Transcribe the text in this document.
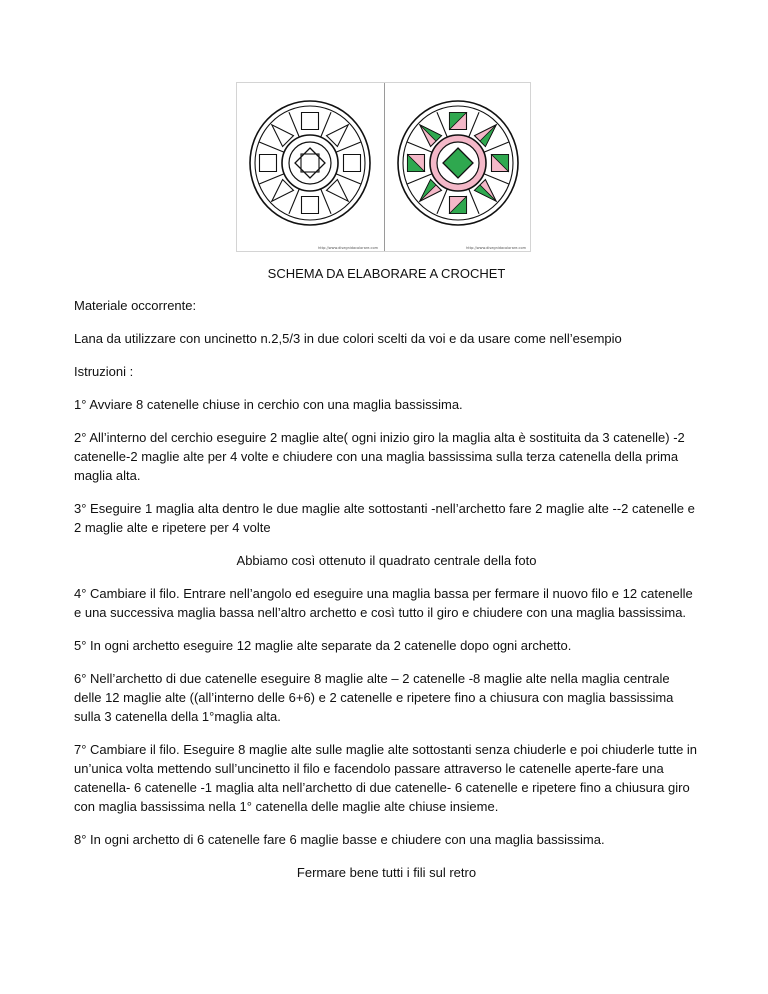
http://www.disegnidacolorare.com	http://www.disegnidacolorare.com

SCHEMA DA ELABORARE A CROCHET

Materiale occorrente:

Lana da utilizzare con uncinetto n.2,5/3 in due colori scelti da voi e da usare come nell’esempio

Istruzioni :

1° Avviare 8 catenelle chiuse in cerchio con una maglia bassissima.

2° All’interno del cerchio eseguire 2 maglie alte( ogni inizio giro la maglia alta è sostituita da 3 catenelle) -2 catenelle-2 maglie alte per 4 volte e chiudere con una maglia bassissima sulla terza catenella della prima maglia alta.

3° Eseguire 1 maglia alta dentro le due maglie alte sottostanti -nell’archetto fare 2 maglie alte --2 catenelle e 2 maglie alte e ripetere per 4 volte

Abbiamo così ottenuto il quadrato centrale della foto

4° Cambiare il filo. Entrare nell’angolo ed eseguire una maglia bassa per fermare il nuovo filo e 12 catenelle e una successiva maglia bassa nell’altro archetto e così tutto il giro e chiudere con una maglia bassissima.

5° In ogni archetto eseguire 12 maglie alte separate da 2 catenelle dopo ogni archetto.

6° Nell’archetto di due catenelle eseguire 8 maglie alte – 2 catenelle -8 maglie alte nella maglia centrale delle 12 maglie alte ((all’interno delle 6+6) e 2 catenelle e ripetere fino a chiusura con maglia bassissima sulla 3 catenella della 1°maglia alta.

7° Cambiare il filo. Eseguire 8 maglie alte sulle maglie alte sottostanti senza chiuderle e poi chiuderle tutte in un’unica volta mettendo sull’uncinetto il filo e facendolo passare attraverso le catenelle aperte-fare una catenella- 6 catenelle -1 maglia alta nell’archetto di due catenelle- 6 catenelle e ripetere fino a chiusura giro con maglia bassissima nella 1° catenella delle maglie alte chiuse insieme.

8° In ogni archetto di 6 catenelle fare 6 maglie basse e chiudere con una maglia bassissima.

Fermare bene tutti i fili sul retro
